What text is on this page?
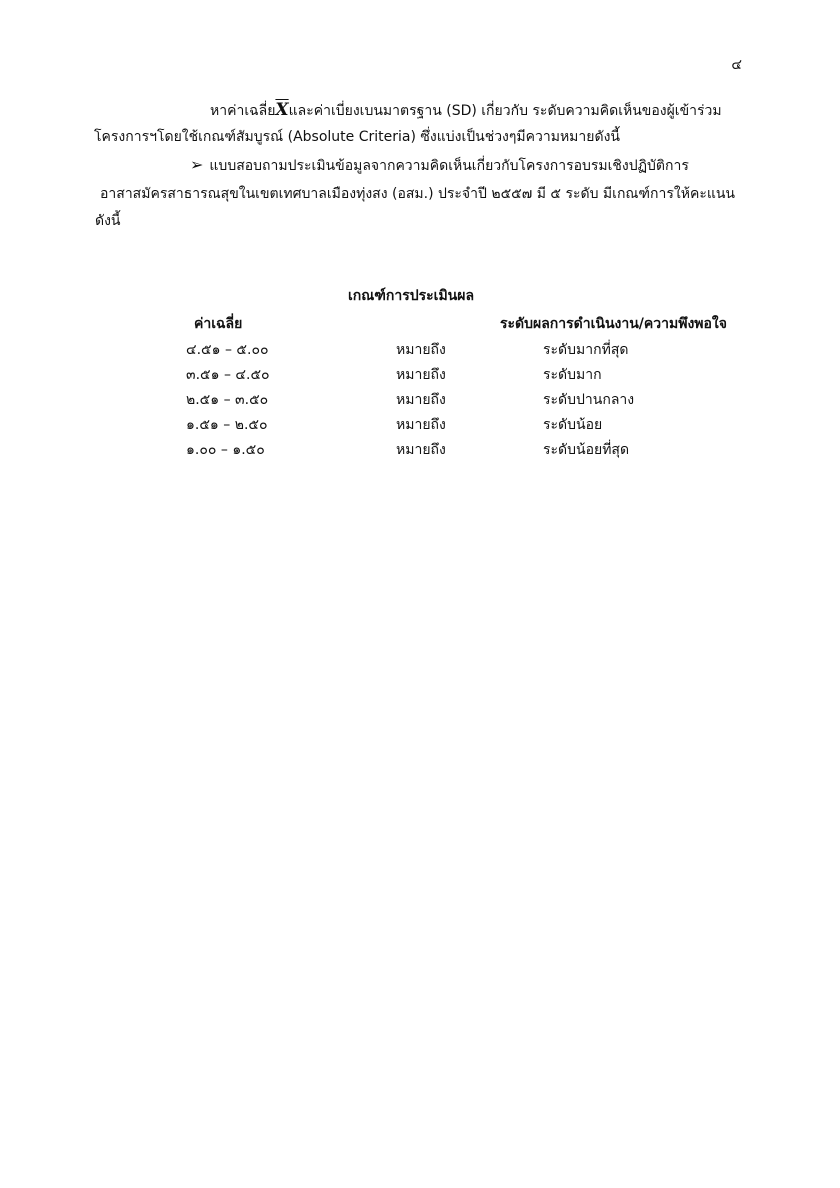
๔
หาค่าเฉลี่ย$\overline{X}$และค่าเบี่ยงเบนมาตรฐาน (SD) เกี่ยวกับ ระดับความคิดเห็นของผู้เข้าร่วม
โครงการฯโดยใช้เกณฑ์สัมบูรณ์ (Absolute Criteria) ซึ่งแบ่งเป็นช่วงๆมีความหมายดังนี้
➢ แบบสอบถามประเมินข้อมูลจากความคิดเห็นเกี่ยวกับโครงการอบรมเชิงปฏิบัติการ
อาสาสมัครสาธารณสุขในเขตเทศบาลเมืองทุ่งสง (อสม.) ประจำปี ๒๕๕๗ มี ๕ ระดับ มีเกณฑ์การให้คะแนน
ดังนี้
เกณฑ์การประเมินผล
ค่าเฉลี่ย	ระดับผลการดำเนินงาน/ความพึงพอใจ
๔.๕๑ – ๕.๐๐	หมายถึง	ระดับมากที่สุด
๓.๕๑ – ๔.๕๐	หมายถึง	ระดับมาก
๒.๕๑ – ๓.๕๐	หมายถึง	ระดับปานกลาง
๑.๕๑ – ๒.๕๐	หมายถึง	ระดับน้อย
๑.๐๐ – ๑.๕๐	หมายถึง	ระดับน้อยที่สุด
